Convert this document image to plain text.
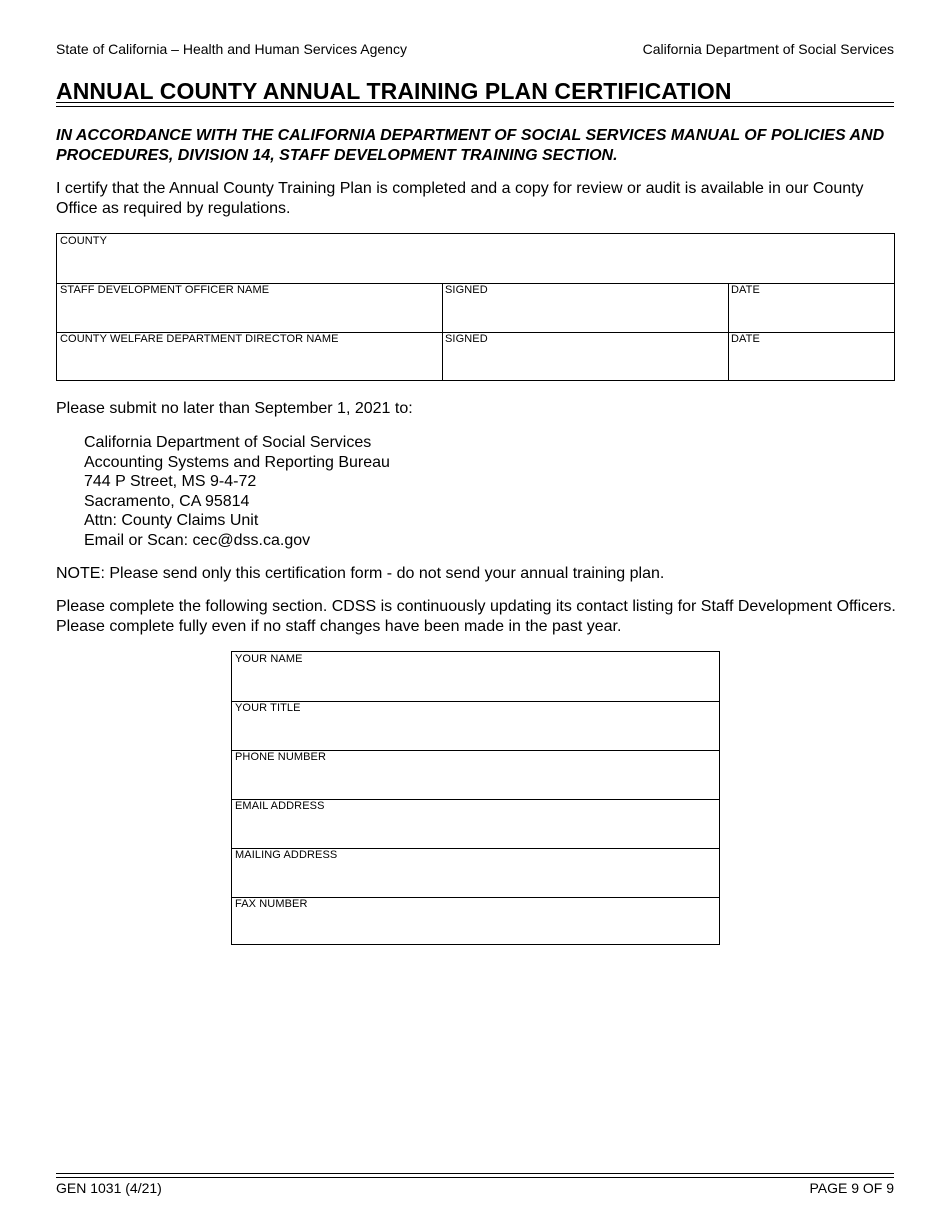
State of California – Health and Human Services Agency	California Department of Social Services
ANNUAL COUNTY ANNUAL TRAINING PLAN CERTIFICATION
IN ACCORDANCE WITH THE CALIFORNIA DEPARTMENT OF SOCIAL SERVICES MANUAL OF POLICIES AND PROCEDURES, DIVISION 14, STAFF DEVELOPMENT TRAINING SECTION.
I certify that the Annual County Training Plan is completed and a copy for review or audit is available in our County Office as required by regulations.
COUNTY
STAFF DEVELOPMENT OFFICER NAME	SIGNED	DATE
COUNTY WELFARE DEPARTMENT DIRECTOR NAME	SIGNED	DATE
Please submit no later than September 1, 2021 to:
California Department of Social Services
Accounting Systems and Reporting Bureau
744 P Street, MS 9-4-72
Sacramento, CA 95814
Attn: County Claims Unit
Email or Scan: cec@dss.ca.gov
NOTE: Please send only this certification form - do not send your annual training plan.
Please complete the following section. CDSS is continuously updating its contact listing for Staff Development Officers. Please complete fully even if no staff changes have been made in the past year.
YOUR NAME
YOUR TITLE
PHONE NUMBER
EMAIL ADDRESS
MAILING ADDRESS
FAX NUMBER
GEN 1031 (4/21)	PAGE 9 OF 9
